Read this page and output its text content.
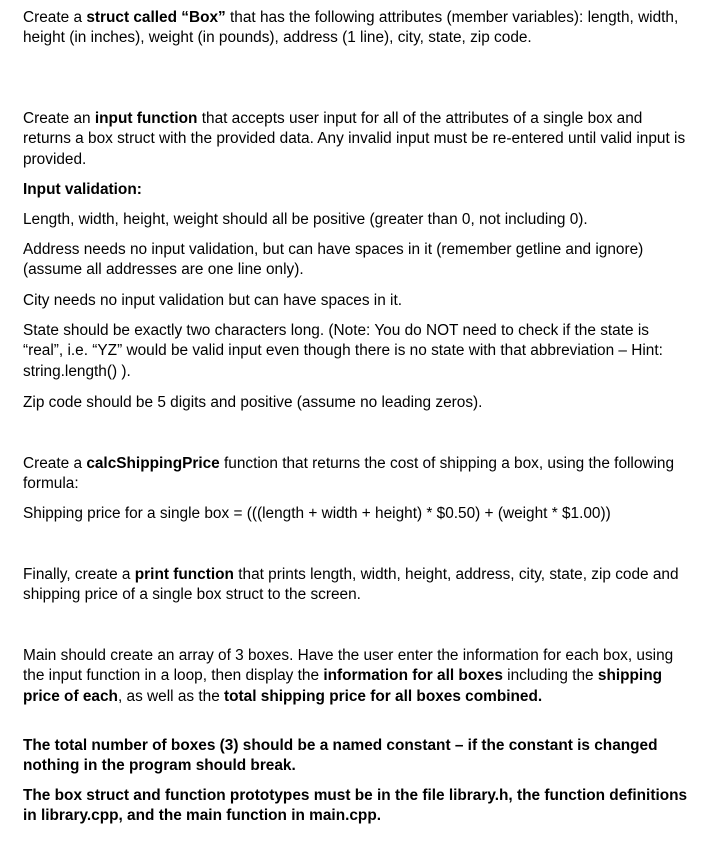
Create a struct called “Box” that has the following attributes (member variables): length, width, height (in inches), weight (in pounds), address (1 line), city, state, zip code.

Create an input function that accepts user input for all of the attributes of a single box and returns a box struct with the provided data. Any invalid input must be re-entered until valid input is provided.

Input validation:

Length, width, height, weight should all be positive (greater than 0, not including 0).

Address needs no input validation, but can have spaces in it (remember getline and ignore) (assume all addresses are one line only).

City needs no input validation but can have spaces in it.

State should be exactly two characters long. (Note: You do NOT need to check if the state is “real”, i.e. “YZ” would be valid input even though there is no state with that abbreviation – Hint: string.length() ).

Zip code should be 5 digits and positive (assume no leading zeros).

Create a calcShippingPrice function that returns the cost of shipping a box, using the following formula:

Shipping price for a single box = (((length + width + height) * $0.50) + (weight * $1.00))

Finally, create a print function that prints length, width, height, address, city, state, zip code and shipping price of a single box struct to the screen.

Main should create an array of 3 boxes. Have the user enter the information for each box, using the input function in a loop, then display the information for all boxes including the shipping price of each, as well as the total shipping price for all boxes combined.

The total number of boxes (3) should be a named constant – if the constant is changed nothing in the program should break.

The box struct and function prototypes must be in the file library.h, the function definitions in library.cpp, and the main function in main.cpp.
